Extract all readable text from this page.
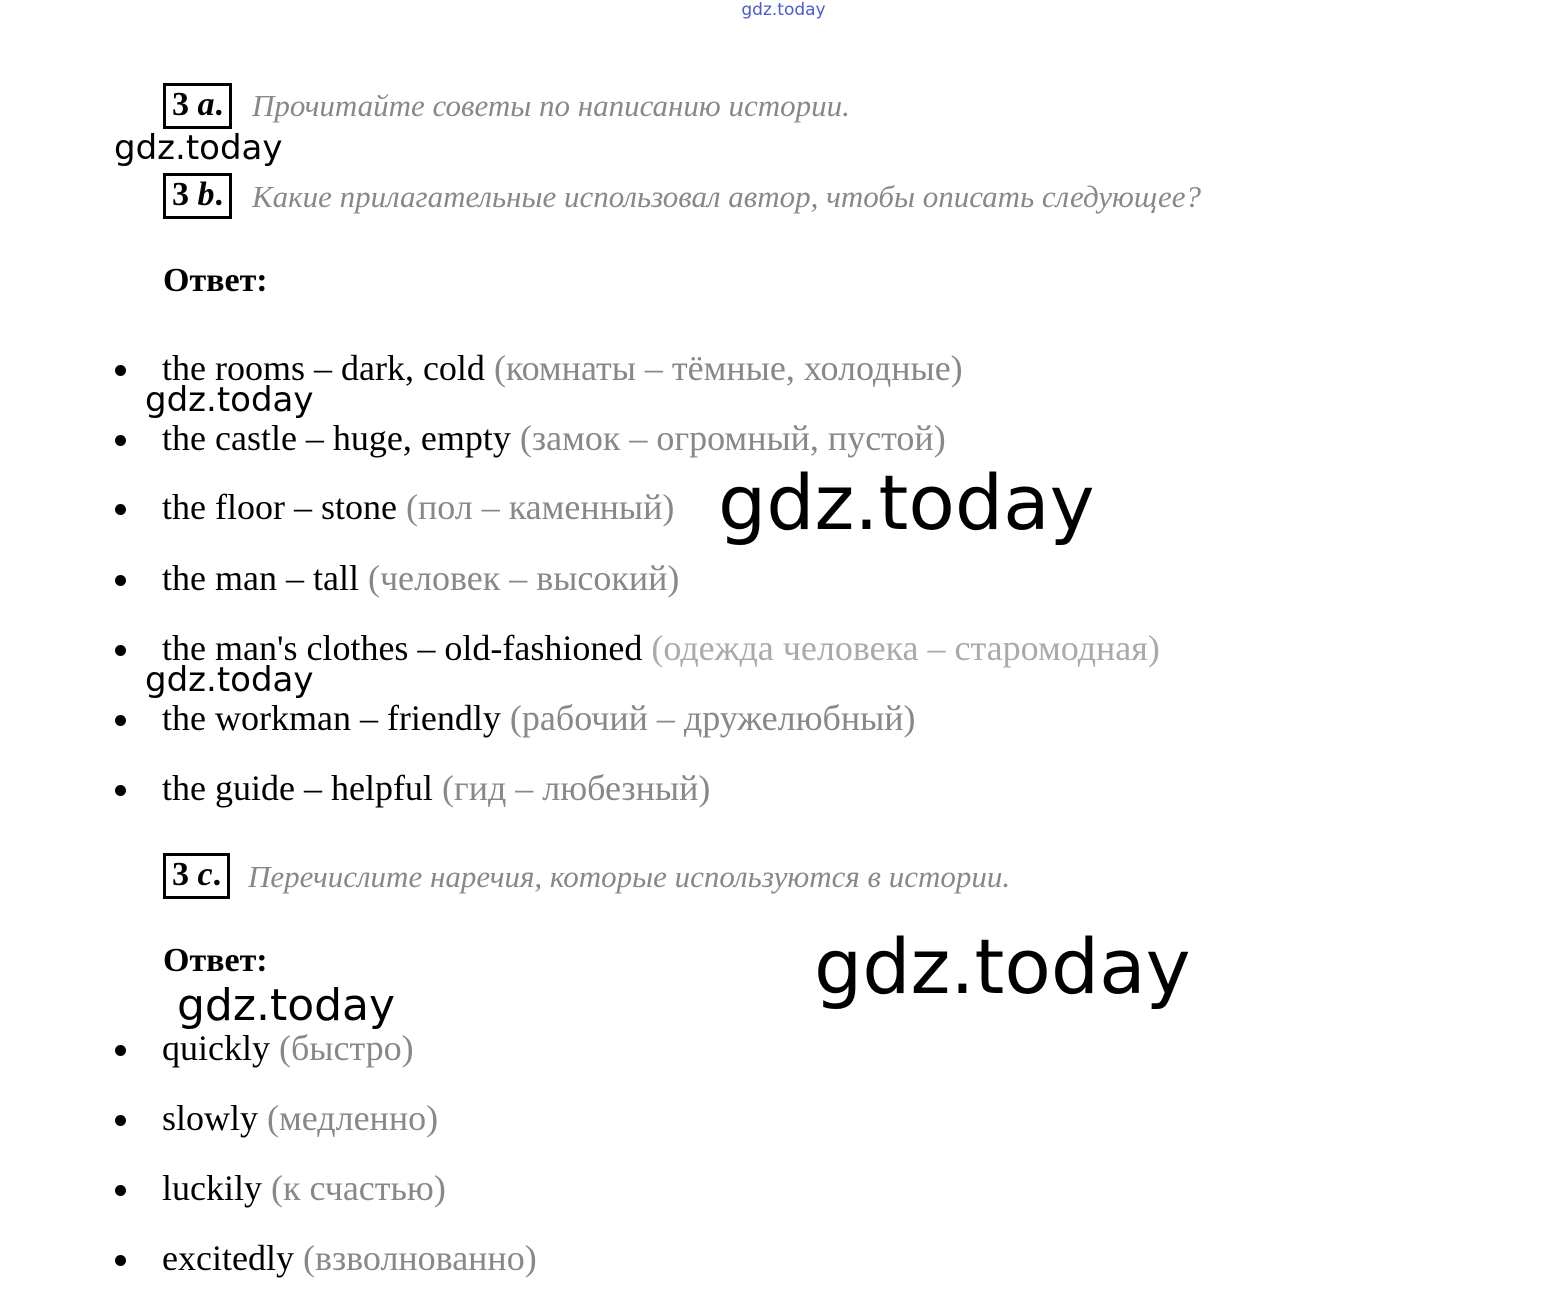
gdz.today
3 a. Прочитайте советы по написанию истории.
gdz.today
3 b. Какие прилагательные использовал автор, чтобы описать следующее?
Ответ:
the rooms – dark, cold (комнаты – тёмные, холодные)
gdz.today
the castle – huge, empty (замок – огромный, пустой)
the floor – stone (пол – каменный) gdz.today
the man – tall (человек – высокий)
the man's clothes – old-fashioned (одежда человека – старомодная)
gdz.today
the workman – friendly (рабочий – дружелюбный)
the guide – helpful (гид – любезный)
3 c. Перечислите наречия, которые используются в истории.
Ответ:	gdz.today
gdz.today
quickly (быстро)
slowly (медленно)
luckily (к счастью)
excitedly (взволнованно)
